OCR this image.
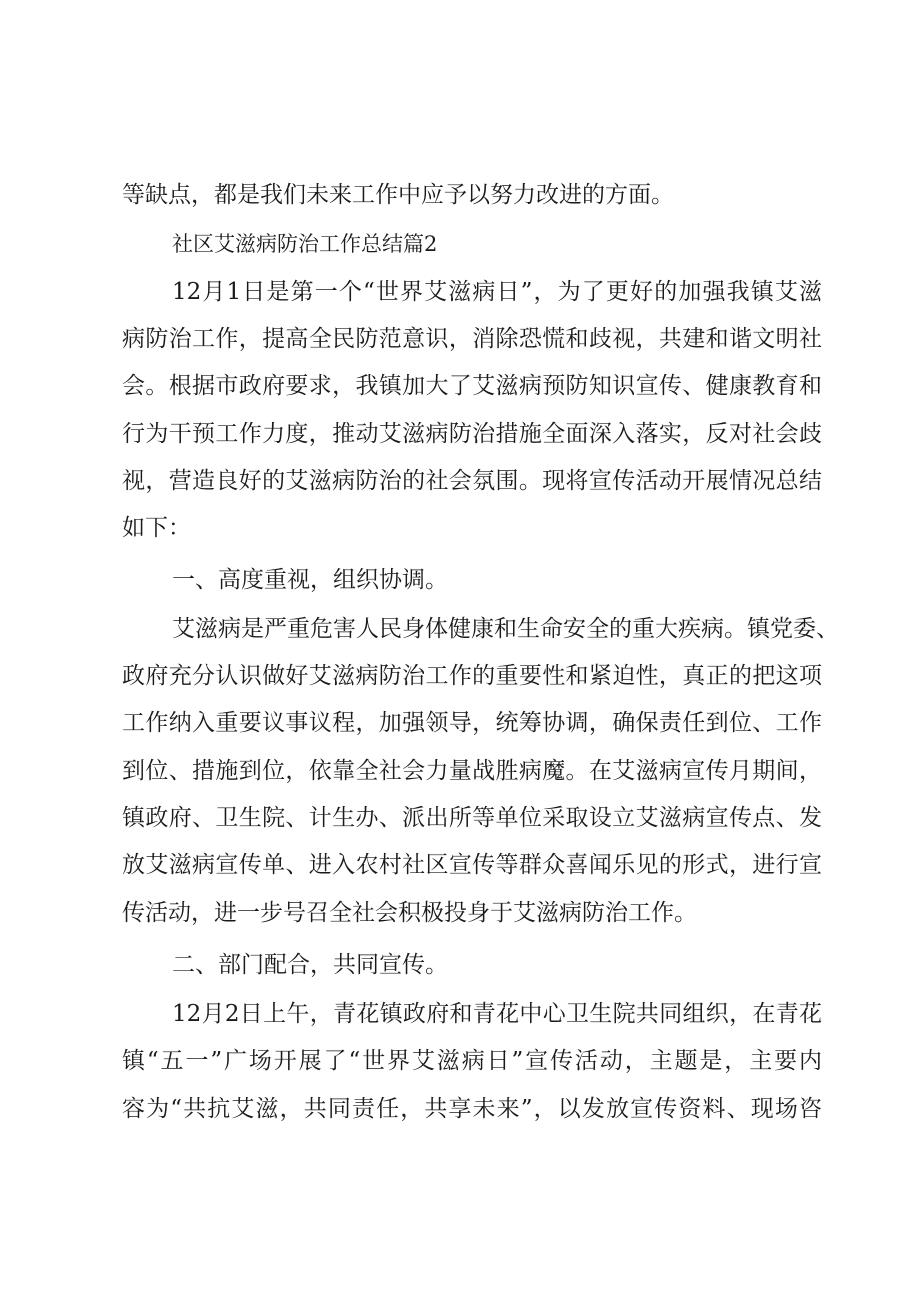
等缺点，都是我们未来工作中应予以努力改进的方面。
社区艾滋病防治工作总结篇2
12月1日是第一个“世界艾滋病日”，为了更好的加强我镇艾滋
病防治工作，提高全民防范意识，消除恐慌和歧视，共建和谐文明社
会。根据市政府要求，我镇加大了艾滋病预防知识宣传、健康教育和
行为干预工作力度，推动艾滋病防治措施全面深入落实，反对社会歧
视，营造良好的艾滋病防治的社会氛围。现将宣传活动开展情况总结
如下：
一、高度重视，组织协调。
艾滋病是严重危害人民身体健康和生命安全的重大疾病。镇党委、
政府充分认识做好艾滋病防治工作的重要性和紧迫性，真正的把这项
工作纳入重要议事议程，加强领导，统筹协调，确保责任到位、工作
到位、措施到位，依靠全社会力量战胜病魔。在艾滋病宣传月期间，
镇政府、卫生院、计生办、派出所等单位采取设立艾滋病宣传点、发
放艾滋病宣传单、进入农村社区宣传等群众喜闻乐见的形式，进行宣
传活动，进一步号召全社会积极投身于艾滋病防治工作。
二、部门配合，共同宣传。
12月2日上午，青花镇政府和青花中心卫生院共同组织，在青花
镇“五一”广场开展了“世界艾滋病日”宣传活动，主题是，主要内
容为“共抗艾滋，共同责任，共享未来”，以发放宣传资料、现场咨
